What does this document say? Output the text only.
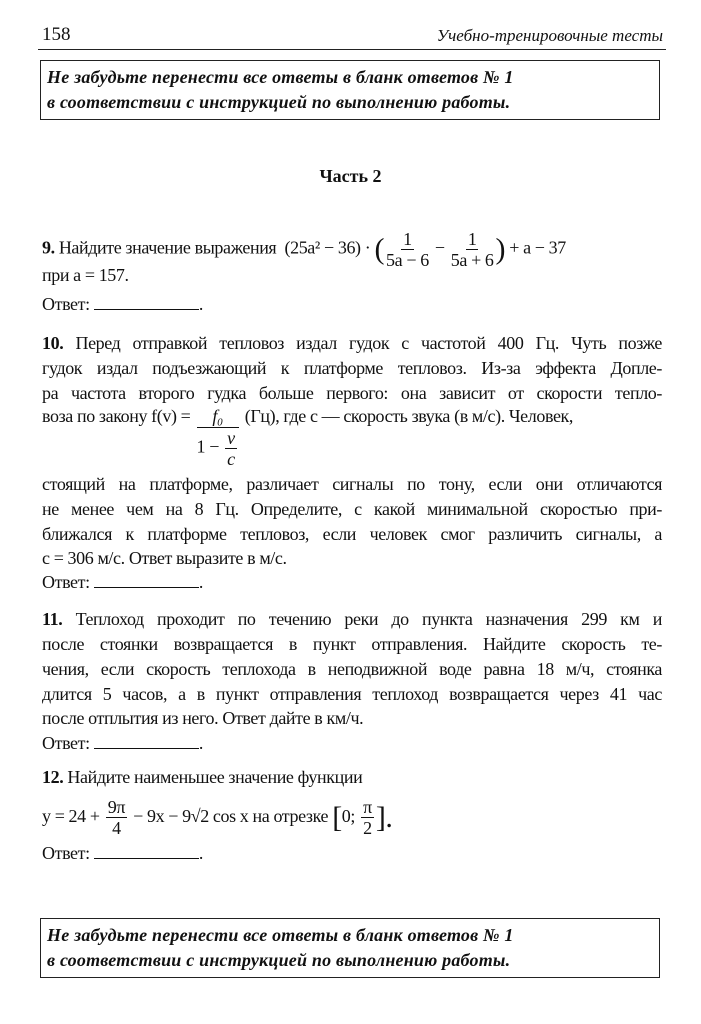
158	Учебно-тренировочные тесты
Не забудьте перенести все ответы в бланк ответов № 1
в соответствии с инструкцией по выполнению работы.
Часть 2
9. Найдите значение выражения (25a² − 36) · ( $\frac{1}{5a - 6} - \frac{1}{5a + 6}$ ) + a − 37
при a = 157.
Ответ:	.
10. Перед отправкой тепловоз издал гудок с частотой 400 Гц. Чуть позже
гудок издал подъезжающий к платформе тепловоз. Из-за эффекта Допле-
ра частота второго гудка больше первого: она зависит от скорости тепло-
воза по закону $f(v) = \frac{\text{f₀}}{1 - \frac{v}{c}} (Гц)$, где c — скорость звука (в м/с). Человек,
стоящий на платформе, различает сигналы по тону, если они отличаются
не менее чем на 8 Гц. Определите, с какой минимальной скоростью при-
ближался к платформе тепловоз, если человек смог различить сигналы, а
c = 306 м/с. Ответ выразите в м/с.
Ответ:	.
11. Теплоход проходит по течению реки до пункта назначения 299 км и
после стоянки возвращается в пункт отправления. Найдите скорость те-
чения, если скорость теплохода в неподвижной воде равна 18 м/ч, стоянка
длится 5 часов, а в пункт отправления теплоход возвращается через 41 час
после отплытия из него. Ответ дайте в км/ч.
Ответ:	.
12. Найдите наименьшее значение функции
$y = 24 + \frac{9\pi}{4} - 9x - 9√2$ cos x на отрезке [0; $\frac{\pi}{2}$ ].
Ответ:	.
Не забудьте перенести все ответы в бланк ответов № 1
в соответствии с инструкцией по выполнению работы.
